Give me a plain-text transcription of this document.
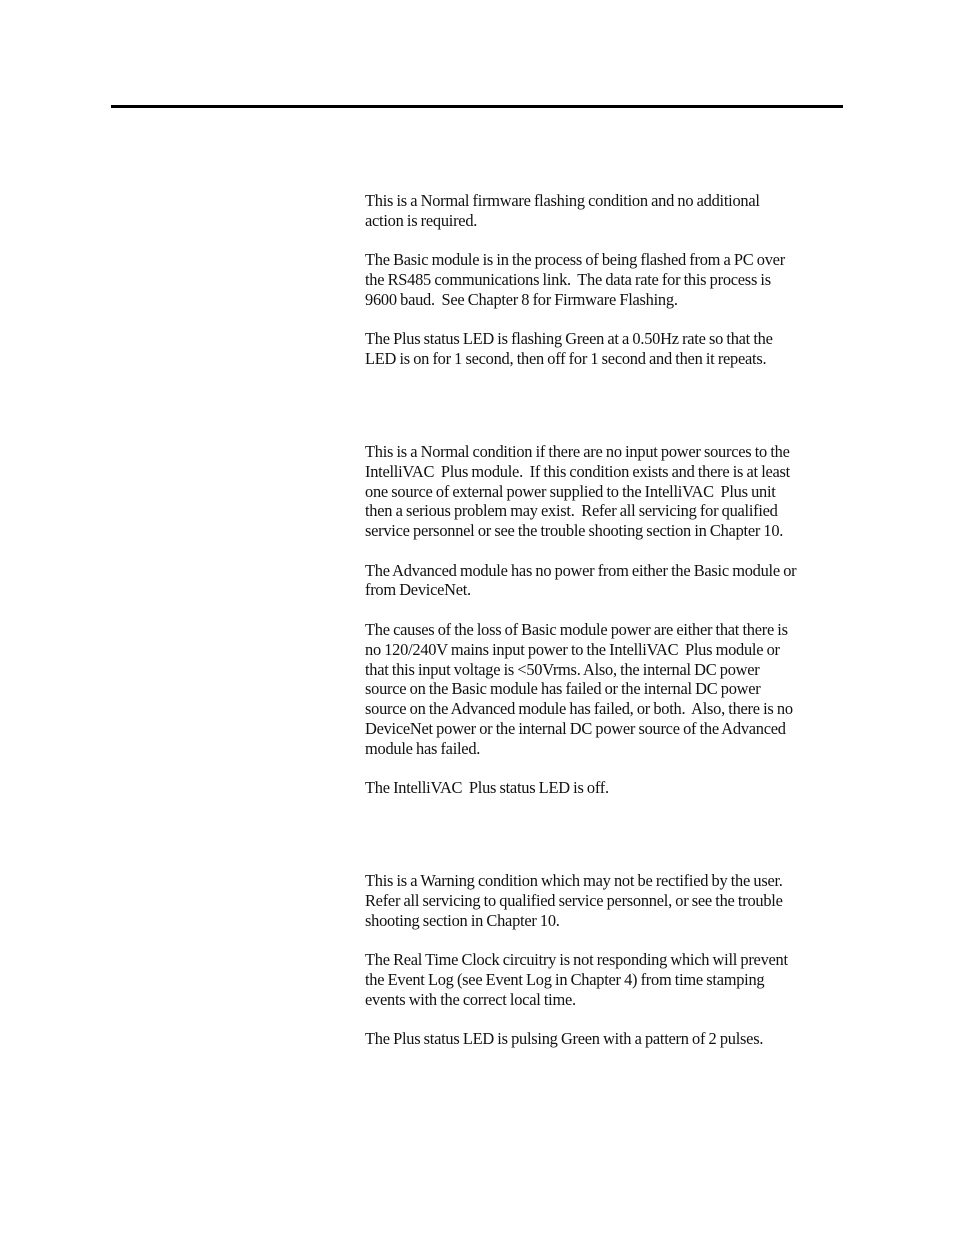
This is a Normal firmware flashing condition and no additional
action is required.

The Basic module is in the process of being flashed from a PC over
the RS485 communications link.  The data rate for this process is
9600 baud.  See Chapter 8 for Firmware Flashing.

The Plus status LED is flashing Green at a 0.50Hz rate so that the
LED is on for 1 second, then off for 1 second and then it repeats.

This is a Normal condition if there are no input power sources to the
IntelliVAC  Plus module.  If this condition exists and there is at least
one source of external power supplied to the IntelliVAC  Plus unit
then a serious problem may exist.  Refer all servicing for qualified
service personnel or see the trouble shooting section in Chapter 10.

The Advanced module has no power from either the Basic module or
from DeviceNet.

The causes of the loss of Basic module power are either that there is
no 120/240V mains input power to the IntelliVAC  Plus module or
that this input voltage is <50Vrms. Also, the internal DC power
source on the Basic module has failed or the internal DC power
source on the Advanced module has failed, or both.  Also, there is no
DeviceNet power or the internal DC power source of the Advanced
module has failed.

The IntelliVAC  Plus status LED is off.

This is a Warning condition which may not be rectified by the user.
Refer all servicing to qualified service personnel, or see the trouble
shooting section in Chapter 10.

The Real Time Clock circuitry is not responding which will prevent
the Event Log (see Event Log in Chapter 4) from time stamping
events with the correct local time.

The Plus status LED is pulsing Green with a pattern of 2 pulses.
